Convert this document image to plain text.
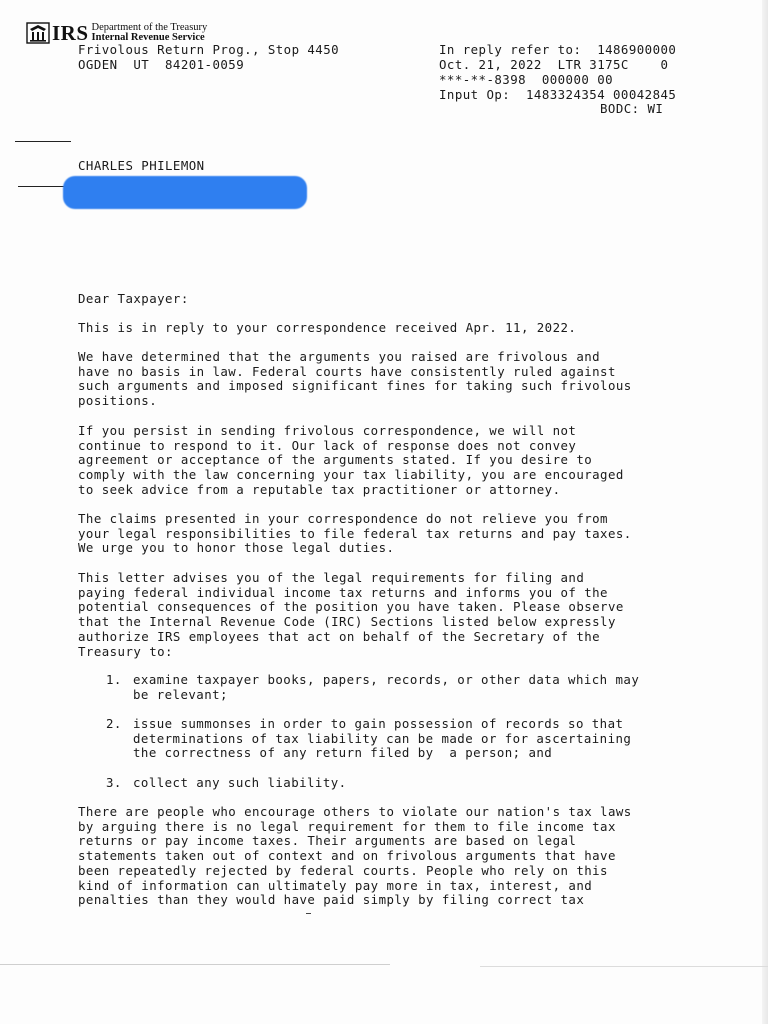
IRS Department of the Treasury
Internal Revenue Service
Frivolous Return Prog., Stop 4450
OGDEN  UT  84201-0059
In reply refer to:  1486900000
Oct. 21, 2022  LTR 3175C    0
***-**-8398  000000 00
Input Op:  1483324354 00042845
BODC: WI
CHARLES PHILEMON
Dear Taxpayer:
This is in reply to your correspondence received Apr. 11, 2022.
We have determined that the arguments you raised are frivolous and
have no basis in law. Federal courts have consistently ruled against
such arguments and imposed significant fines for taking such frivolous
positions.
If you persist in sending frivolous correspondence, we will not
continue to respond to it. Our lack of response does not convey
agreement or acceptance of the arguments stated. If you desire to
comply with the law concerning your tax liability, you are encouraged
to seek advice from a reputable tax practitioner or attorney.
The claims presented in your correspondence do not relieve you from
your legal responsibilities to file federal tax returns and pay taxes.
We urge you to honor those legal duties.
This letter advises you of the legal requirements for filing and
paying federal individual income tax returns and informs you of the
potential consequences of the position you have taken. Please observe
that the Internal Revenue Code (IRC) Sections listed below expressly
authorize IRS employees that act on behalf of the Secretary of the
Treasury to:
1. examine taxpayer books, papers, records, or other data which may
be relevant;
2. issue summonses in order to gain possession of records so that
determinations of tax liability can be made or for ascertaining
the correctness of any return filed by  a person; and
3. collect any such liability.
There are people who encourage others to violate our nation's tax laws
by arguing there is no legal requirement for them to file income tax
returns or pay income taxes. Their arguments are based on legal
statements taken out of context and on frivolous arguments that have
been repeatedly rejected by federal courts. People who rely on this
kind of information can ultimately pay more in tax, interest, and
penalties than they would have paid simply by filing correct tax
